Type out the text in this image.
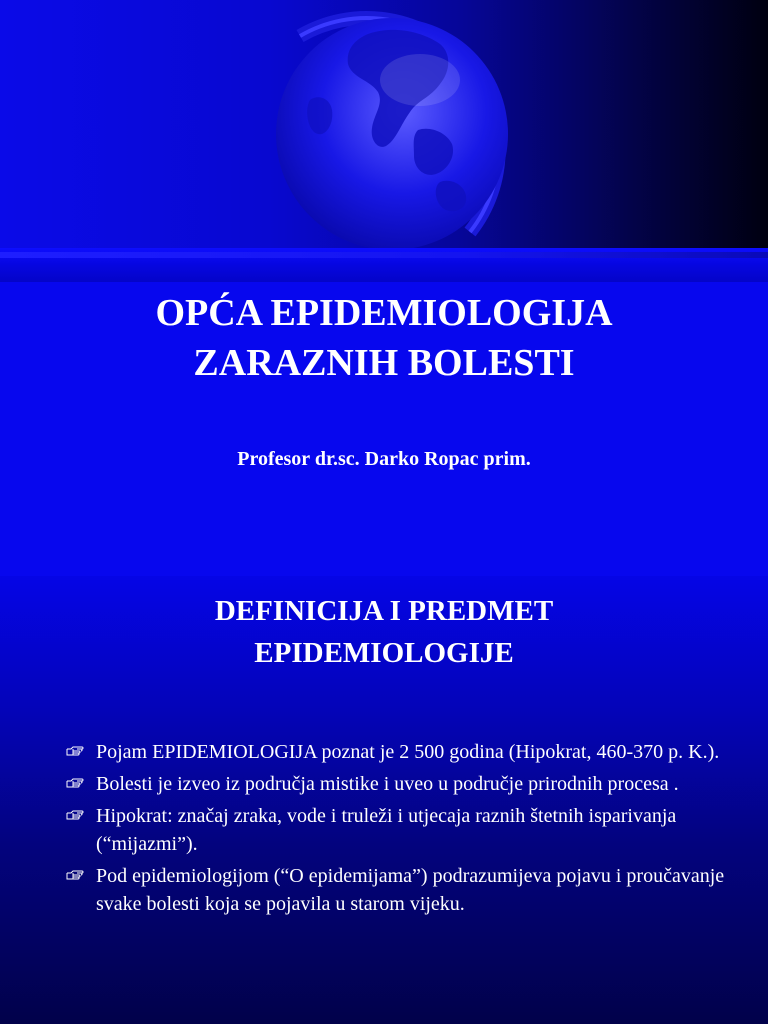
OPĆA EPIDEMIOLOGIJA
ZARAZNIH BOLESTI
Profesor dr.sc. Darko Ropac prim.
DEFINICIJA I PREDMET
EPIDEMIOLOGIJE
Pojam EPIDEMIOLOGIJA poznat je 2 500 godina (Hipokrat, 460-370 p. K.).
Bolesti je izveo iz područja mistike i uveo u područje prirodnih procesa .
Hipokrat: značaj zraka, vode i truleži i utjecaja raznih štetnih isparivanja (“mijazmi”).
Pod epidemiologijom (“O epidemijama”) podrazumijeva pojavu i proučavanje svake bolesti koja se pojavila u starom vijeku.
